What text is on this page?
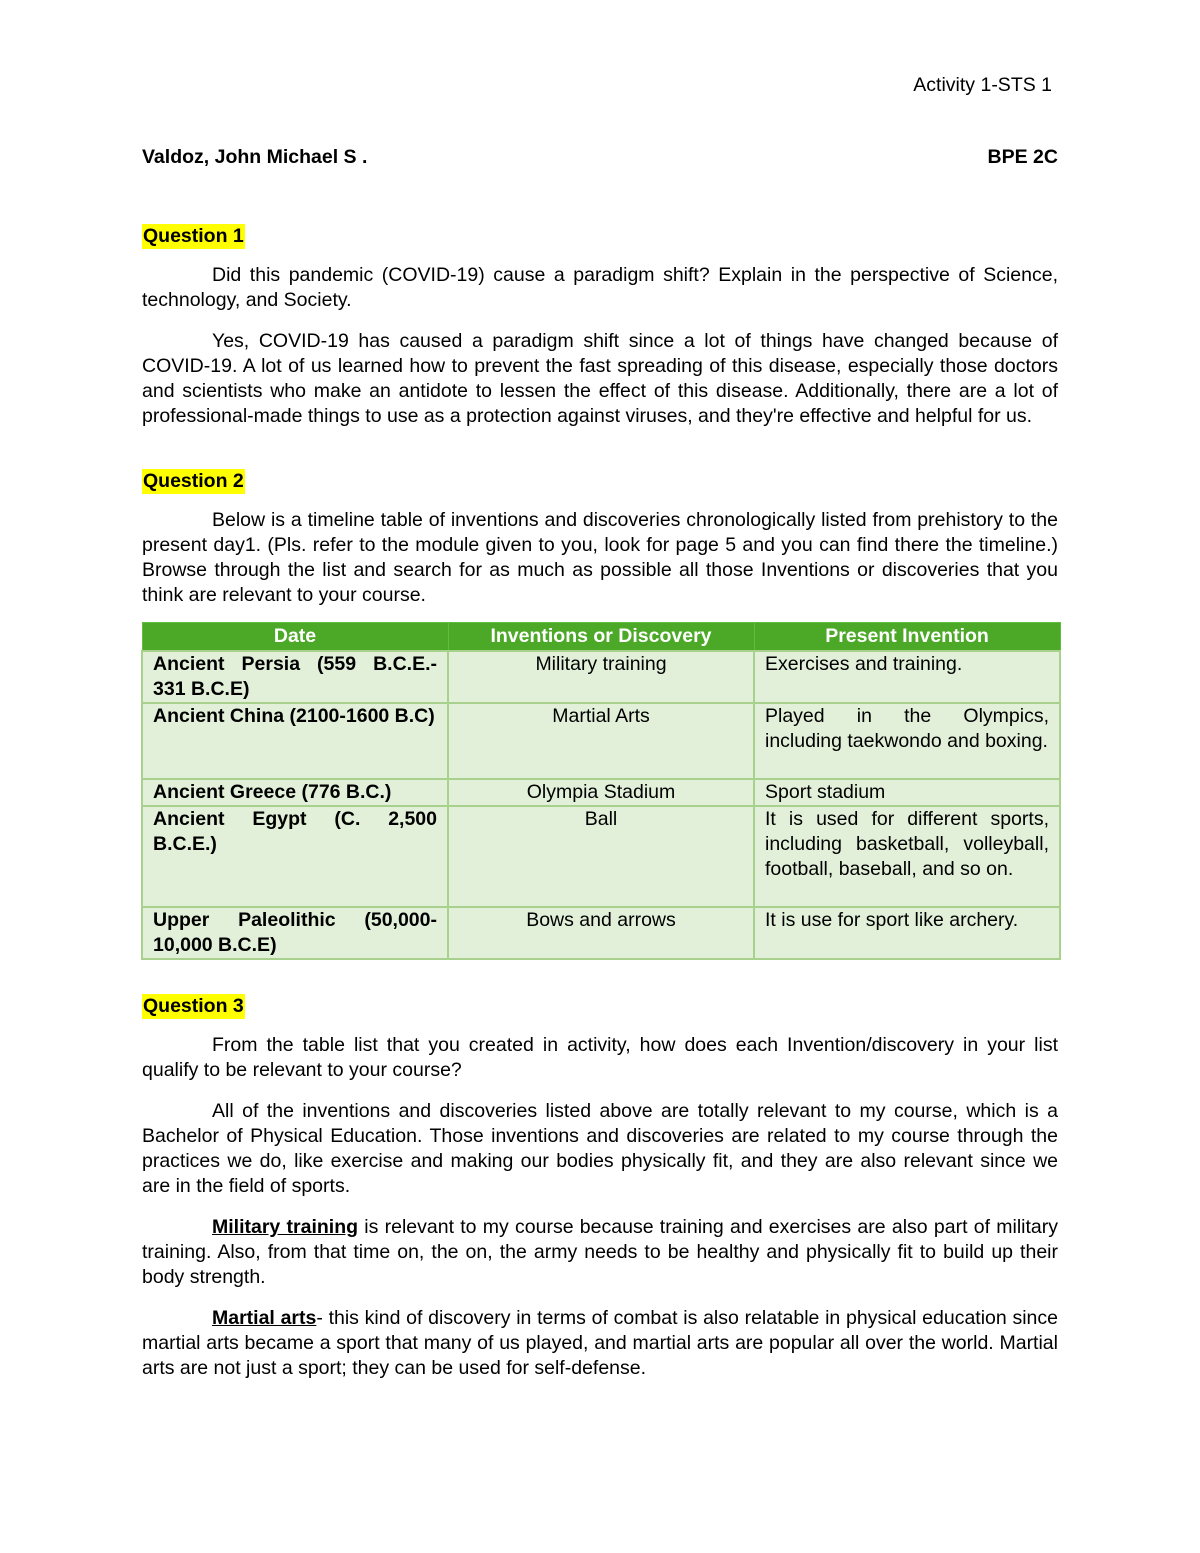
Activity 1-STS 1
Valdoz, John Michael S .	BPE 2C
Question 1

Did this pandemic (COVID-19) cause a paradigm shift? Explain in the perspective of Science, technology, and Society.

Yes, COVID-19 has caused a paradigm shift since a lot of things have changed because of COVID-19. A lot of us learned how to prevent the fast spreading of this disease, especially those doctors and scientists who make an antidote to lessen the effect of this disease. Additionally, there are a lot of professional-made things to use as a protection against viruses, and they're effective and helpful for us.

Question 2

Below is a timeline table of inventions and discoveries chronologically listed from prehistory to the present day1. (Pls. refer to the module given to you, look for page 5 and you can find there the timeline.) Browse through the list and search for as much as possible all those Inventions or discoveries that you think are relevant to your course.

Date	Inventions or Discovery	Present Invention
Ancient Persia (559 B.C.E.- 331 B.C.E)	Military training	Exercises and training.
Ancient China (2100-1600 B.C)	Martial Arts	Played in the Olympics, including taekwondo and boxing.
Ancient Greece (776 B.C.)	Olympia Stadium	Sport stadium
Ancient Egypt (C. 2,500 B.C.E.)	Ball	It is used for different sports, including basketball, volleyball, football, baseball, and so on.
Upper Paleolithic (50,000-10,000 B.C.E)	Bows and arrows	It is use for sport like archery.
Question 3

From the table list that you created in activity, how does each Invention/discovery in your list qualify to be relevant to your course?

All of the inventions and discoveries listed above are totally relevant to my course, which is a Bachelor of Physical Education. Those inventions and discoveries are related to my course through the practices we do, like exercise and making our bodies physically fit, and they are also relevant since we are in the field of sports.

Military training is relevant to my course because training and exercises are also part of military training. Also, from that time on, the on, the army needs to be healthy and physically fit to build up their body strength.

Martial arts- this kind of discovery in terms of combat is also relatable in physical education since martial arts became a sport that many of us played, and martial arts are popular all over the world. Martial arts are not just a sport; they can be used for self-defense.
